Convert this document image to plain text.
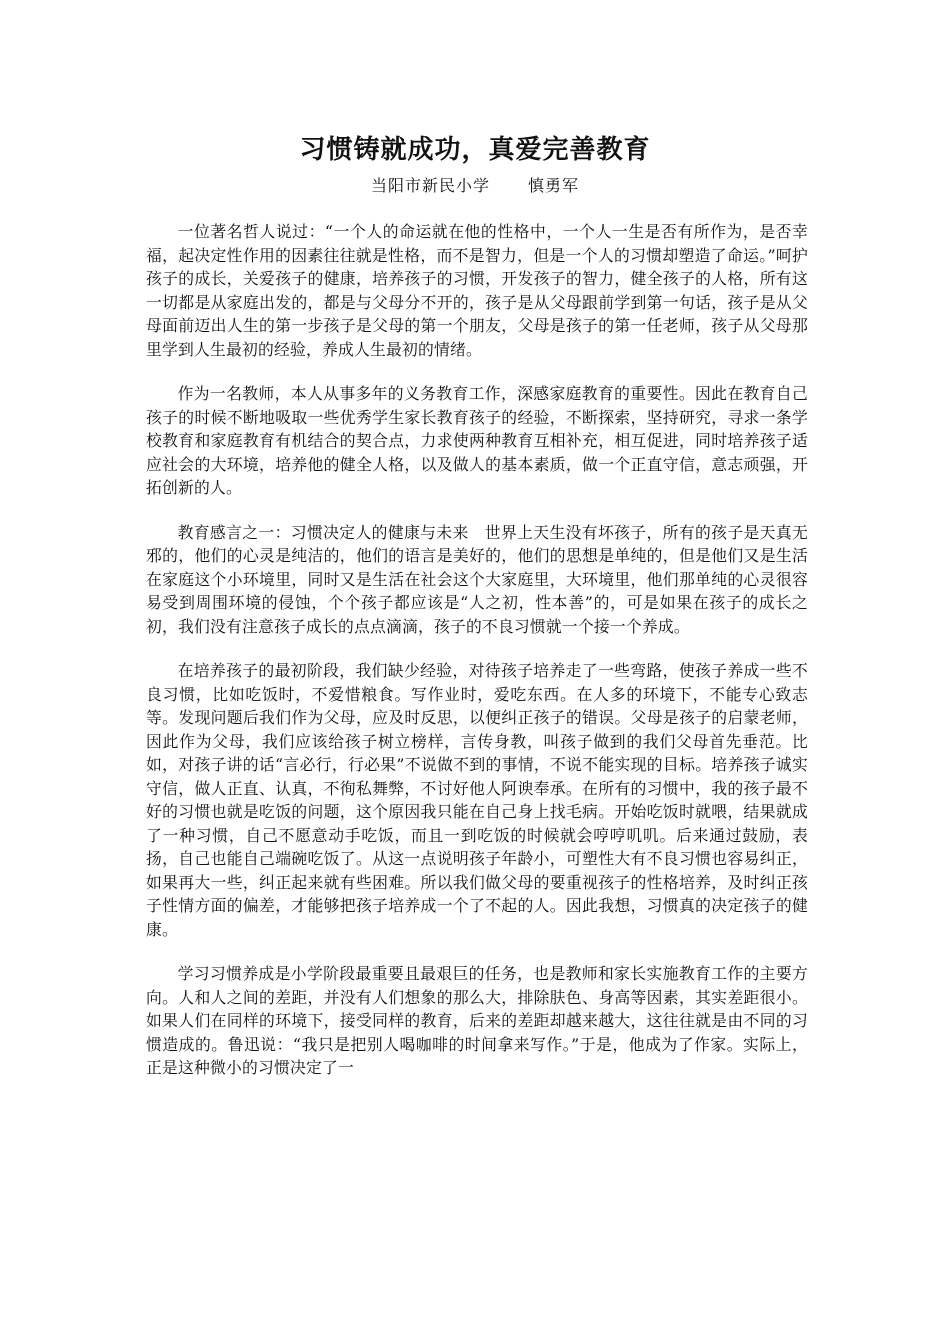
习惯铸就成功，真爱完善教育
当阳市新民小学 慎勇军

一位著名哲人说过：“一个人的命运就在他的性格中，一个人一生是否有所作为，是否幸福，起决定性作用的因素往往就是性格，而不是智力，但是一个人的习惯却塑造了命运。”呵护孩子的成长，关爱孩子的健康，培养孩子的习惯，开发孩子的智力，健全孩子的人格，所有这一切都是从家庭出发的，都是与父母分不开的，孩子是从父母跟前学到第一句话，孩子是从父母面前迈出人生的第一步孩子是父母的第一个朋友，父母是孩子的第一任老师，孩子从父母那里学到人生最初的经验，养成人生最初的情绪。

作为一名教师，本人从事多年的义务教育工作，深感家庭教育的重要性。因此在教育自己孩子的时候不断地吸取一些优秀学生家长教育孩子的经验，不断探索，坚持研究，寻求一条学校教育和家庭教育有机结合的契合点，力求使两种教育互相补充，相互促进，同时培养孩子适应社会的大环境，培养他的健全人格，以及做人的基本素质，做一个正直守信，意志顽强，开拓创新的人。

教育感言之一：习惯决定人的健康与未来　世界上天生没有坏孩子，所有的孩子是天真无邪的，他们的心灵是纯洁的，他们的语言是美好的，他们的思想是单纯的，但是他们又是生活在家庭这个小环境里，同时又是生活在社会这个大家庭里，大环境里，他们那单纯的心灵很容易受到周围环境的侵蚀，个个孩子都应该是“人之初，性本善”的，可是如果在孩子的成长之初，我们没有注意孩子成长的点点滴滴，孩子的不良习惯就一个接一个养成。

在培养孩子的最初阶段，我们缺少经验，对待孩子培养走了一些弯路，使孩子养成一些不良习惯，比如吃饭时，不爱惜粮食。写作业时，爱吃东西。在人多的环境下，不能专心致志等。发现问题后我们作为父母，应及时反思，以便纠正孩子的错误。父母是孩子的启蒙老师，因此作为父母，我们应该给孩子树立榜样，言传身教，叫孩子做到的我们父母首先垂范。比如，对孩子讲的话“言必行，行必果”不说做不到的事情，不说不能实现的目标。培养孩子诚实守信，做人正直、认真，不徇私舞弊，不讨好他人阿谀奉承。在所有的习惯中，我的孩子最不好的习惯也就是吃饭的问题，这个原因我只能在自己身上找毛病。开始吃饭时就喂，结果就成了一种习惯，自己不愿意动手吃饭，而且一到吃饭的时候就会哼哼叽叽。后来通过鼓励，表扬，自己也能自己端碗吃饭了。从这一点说明孩子年龄小，可塑性大有不良习惯也容易纠正，如果再大一些，纠正起来就有些困难。所以我们做父母的要重视孩子的性格培养，及时纠正孩子性情方面的偏差，才能够把孩子培养成一个了不起的人。因此我想，习惯真的决定孩子的健康。

学习习惯养成是小学阶段最重要且最艰巨的任务，也是教师和家长实施教育工作的主要方向。人和人之间的差距，并没有人们想象的那么大，排除肤色、身高等因素，其实差距很小。如果人们在同样的环境下，接受同样的教育，后来的差距却越来越大，这往往就是由不同的习惯造成的。鲁迅说：“我只是把别人喝咖啡的时间拿来写作。”于是，他成为了作家。实际上，正是这种微小的习惯决定了一
